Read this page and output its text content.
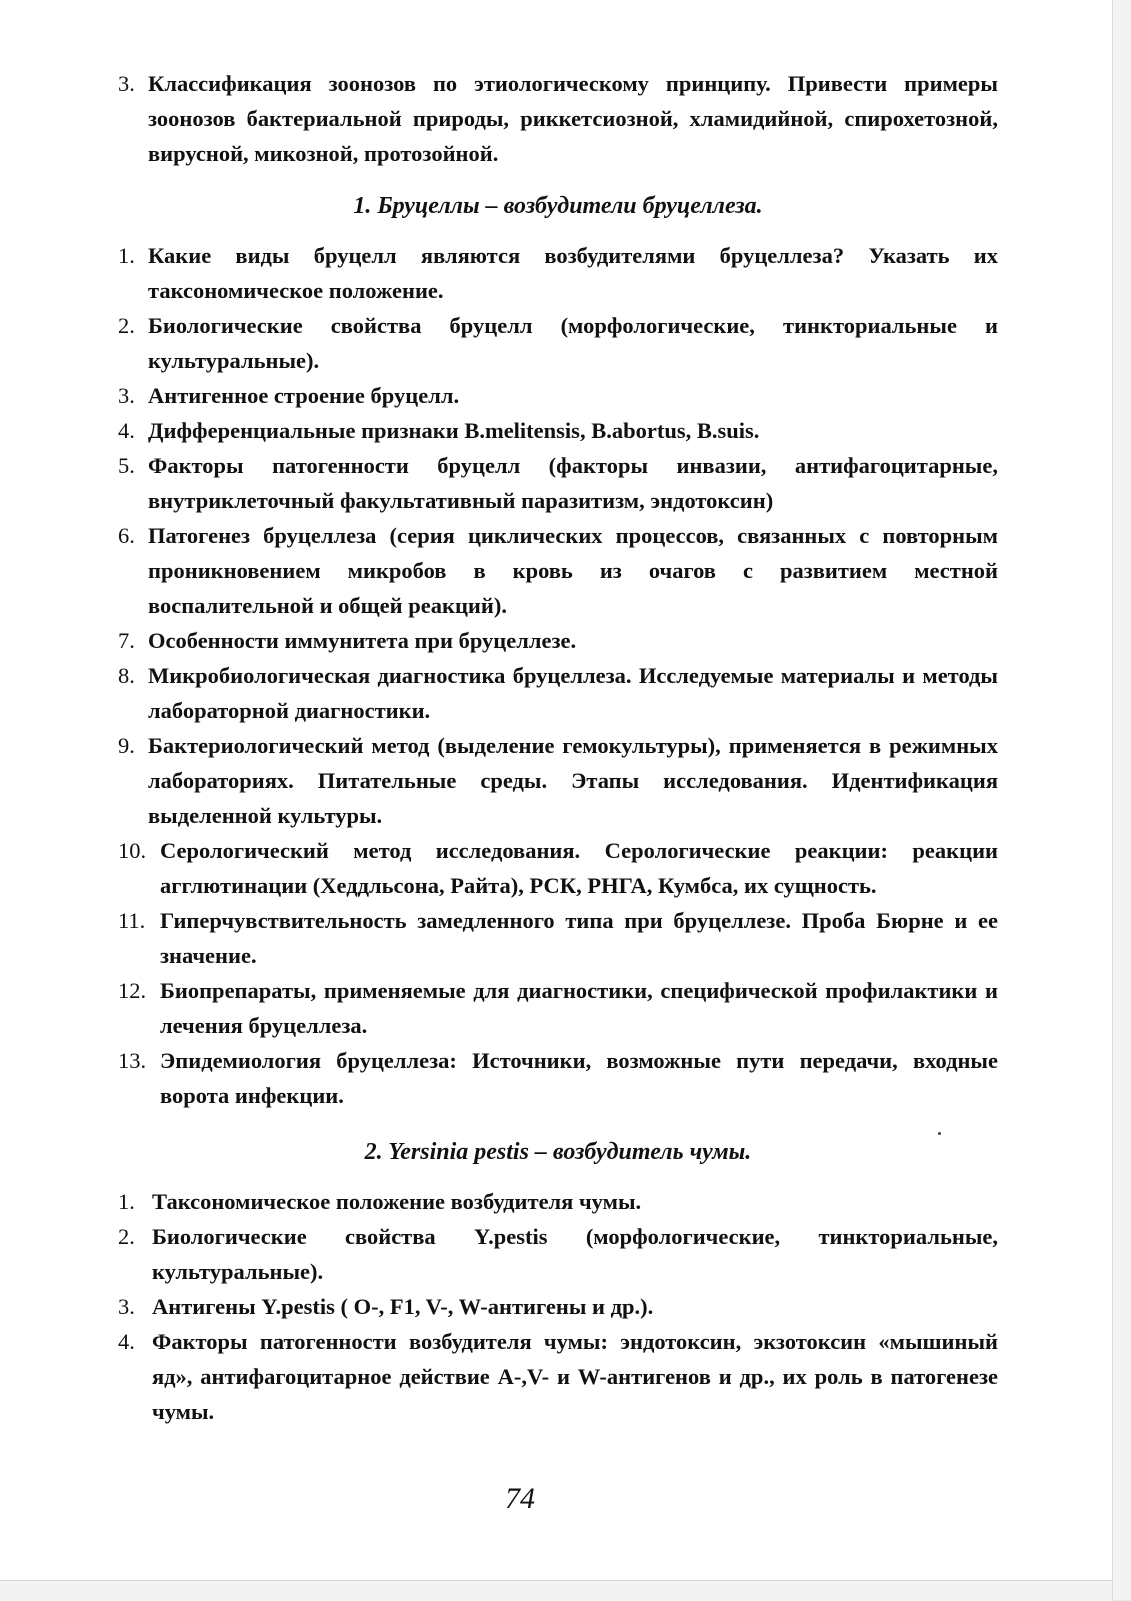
3. Классификация зоонозов по этиологическому принципу. Привести примеры зоонозов бактериальной природы, риккетсиозной, хламидийной, спирохетозной, вирусной, микозной, протозойной.
1. Бруцеллы – возбудители бруцеллеза.
1. Какие виды бруцелл являются возбудителями бруцеллеза? Указать их таксономическое положение.
2. Биологические свойства бруцелл (морфологические, тинкториальные и культуральные).
3. Антигенное строение бруцелл.
4. Дифференциальные признаки B.melitensis, B.abortus, B.suis.
5. Факторы патогенности бруцелл (факторы инвазии, антифагоцитарные, внутриклеточный факультативный паразитизм, эндотоксин)
6. Патогенез бруцеллеза (серия циклических процессов, связанных с повторным проникновением микробов в кровь из очагов с развитием местной воспалительной и общей реакций).
7. Особенности иммунитета при бруцеллезе.
8. Микробиологическая диагностика бруцеллеза. Исследуемые материалы и методы лабораторной диагностики.
9. Бактериологический метод (выделение гемокультуры), применяется в режимных лабораториях. Питательные среды. Этапы исследования. Идентификация выделенной культуры.
10. Серологический метод исследования. Серологические реакции: реакции агглютинации (Хеддльсона, Райта), РСК, РНГА, Кумбса, их сущность.
11. Гиперчувствительность замедленного типа при бруцеллезе. Проба Бюрне и ее значение.
12. Биопрепараты, применяемые для диагностики, специфической профилактики и лечения бруцеллеза.
13. Эпидемиология бруцеллеза: Источники, возможные пути передачи, входные ворота инфекции.
2. Yersinia pestis – возбудитель чумы.
1. Таксономическое положение возбудителя чумы.
2. Биологические свойства Y.pestis (морфологические, тинкториальные, культуральные).
3. Антигены Y.pestis ( O-, F1, V-, W-антигены и др.).
4. Факторы патогенности возбудителя чумы: эндотоксин, экзотоксин «мышиный яд», антифагоцитарное действие A-,V- и W-антигенов и др., их роль в патогенезе чумы.
74
